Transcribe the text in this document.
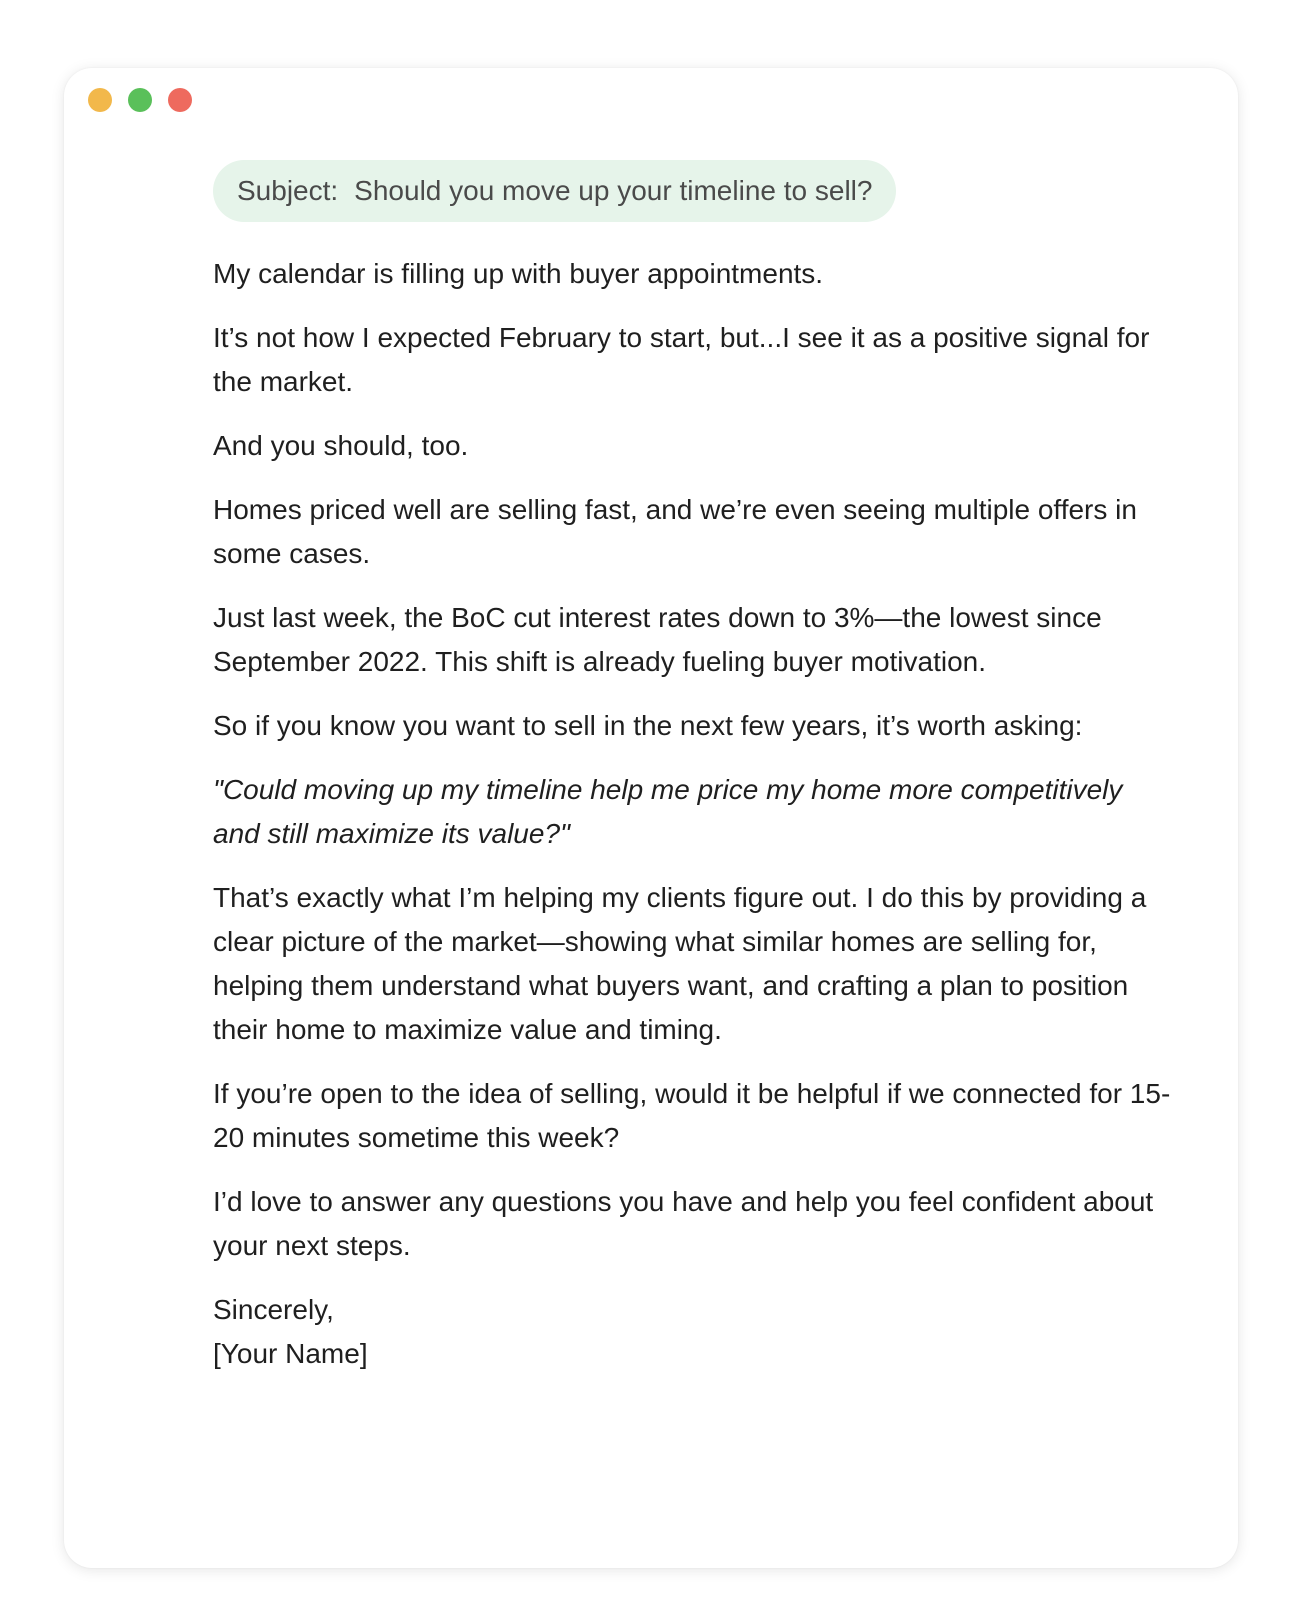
Subject: Should you move up your timeline to sell?

My calendar is filling up with buyer appointments.

It’s not how I expected February to start, but...I see it as a positive signal for the market.

And you should, too.

Homes priced well are selling fast, and we’re even seeing multiple offers in some cases.

Just last week, the BoC cut interest rates down to 3%—the lowest since September 2022. This shift is already fueling buyer motivation.

So if you know you want to sell in the next few years, it’s worth asking:

"Could moving up my timeline help me price my home more competitively and still maximize its value?"

That’s exactly what I’m helping my clients figure out. I do this by providing a clear picture of the market—showing what similar homes are selling for, helping them understand what buyers want, and crafting a plan to position their home to maximize value and timing.

If you’re open to the idea of selling, would it be helpful if we connected for 15-20 minutes sometime this week?

I’d love to answer any questions you have and help you feel confident about your next steps.

Sincerely,

[Your Name]
